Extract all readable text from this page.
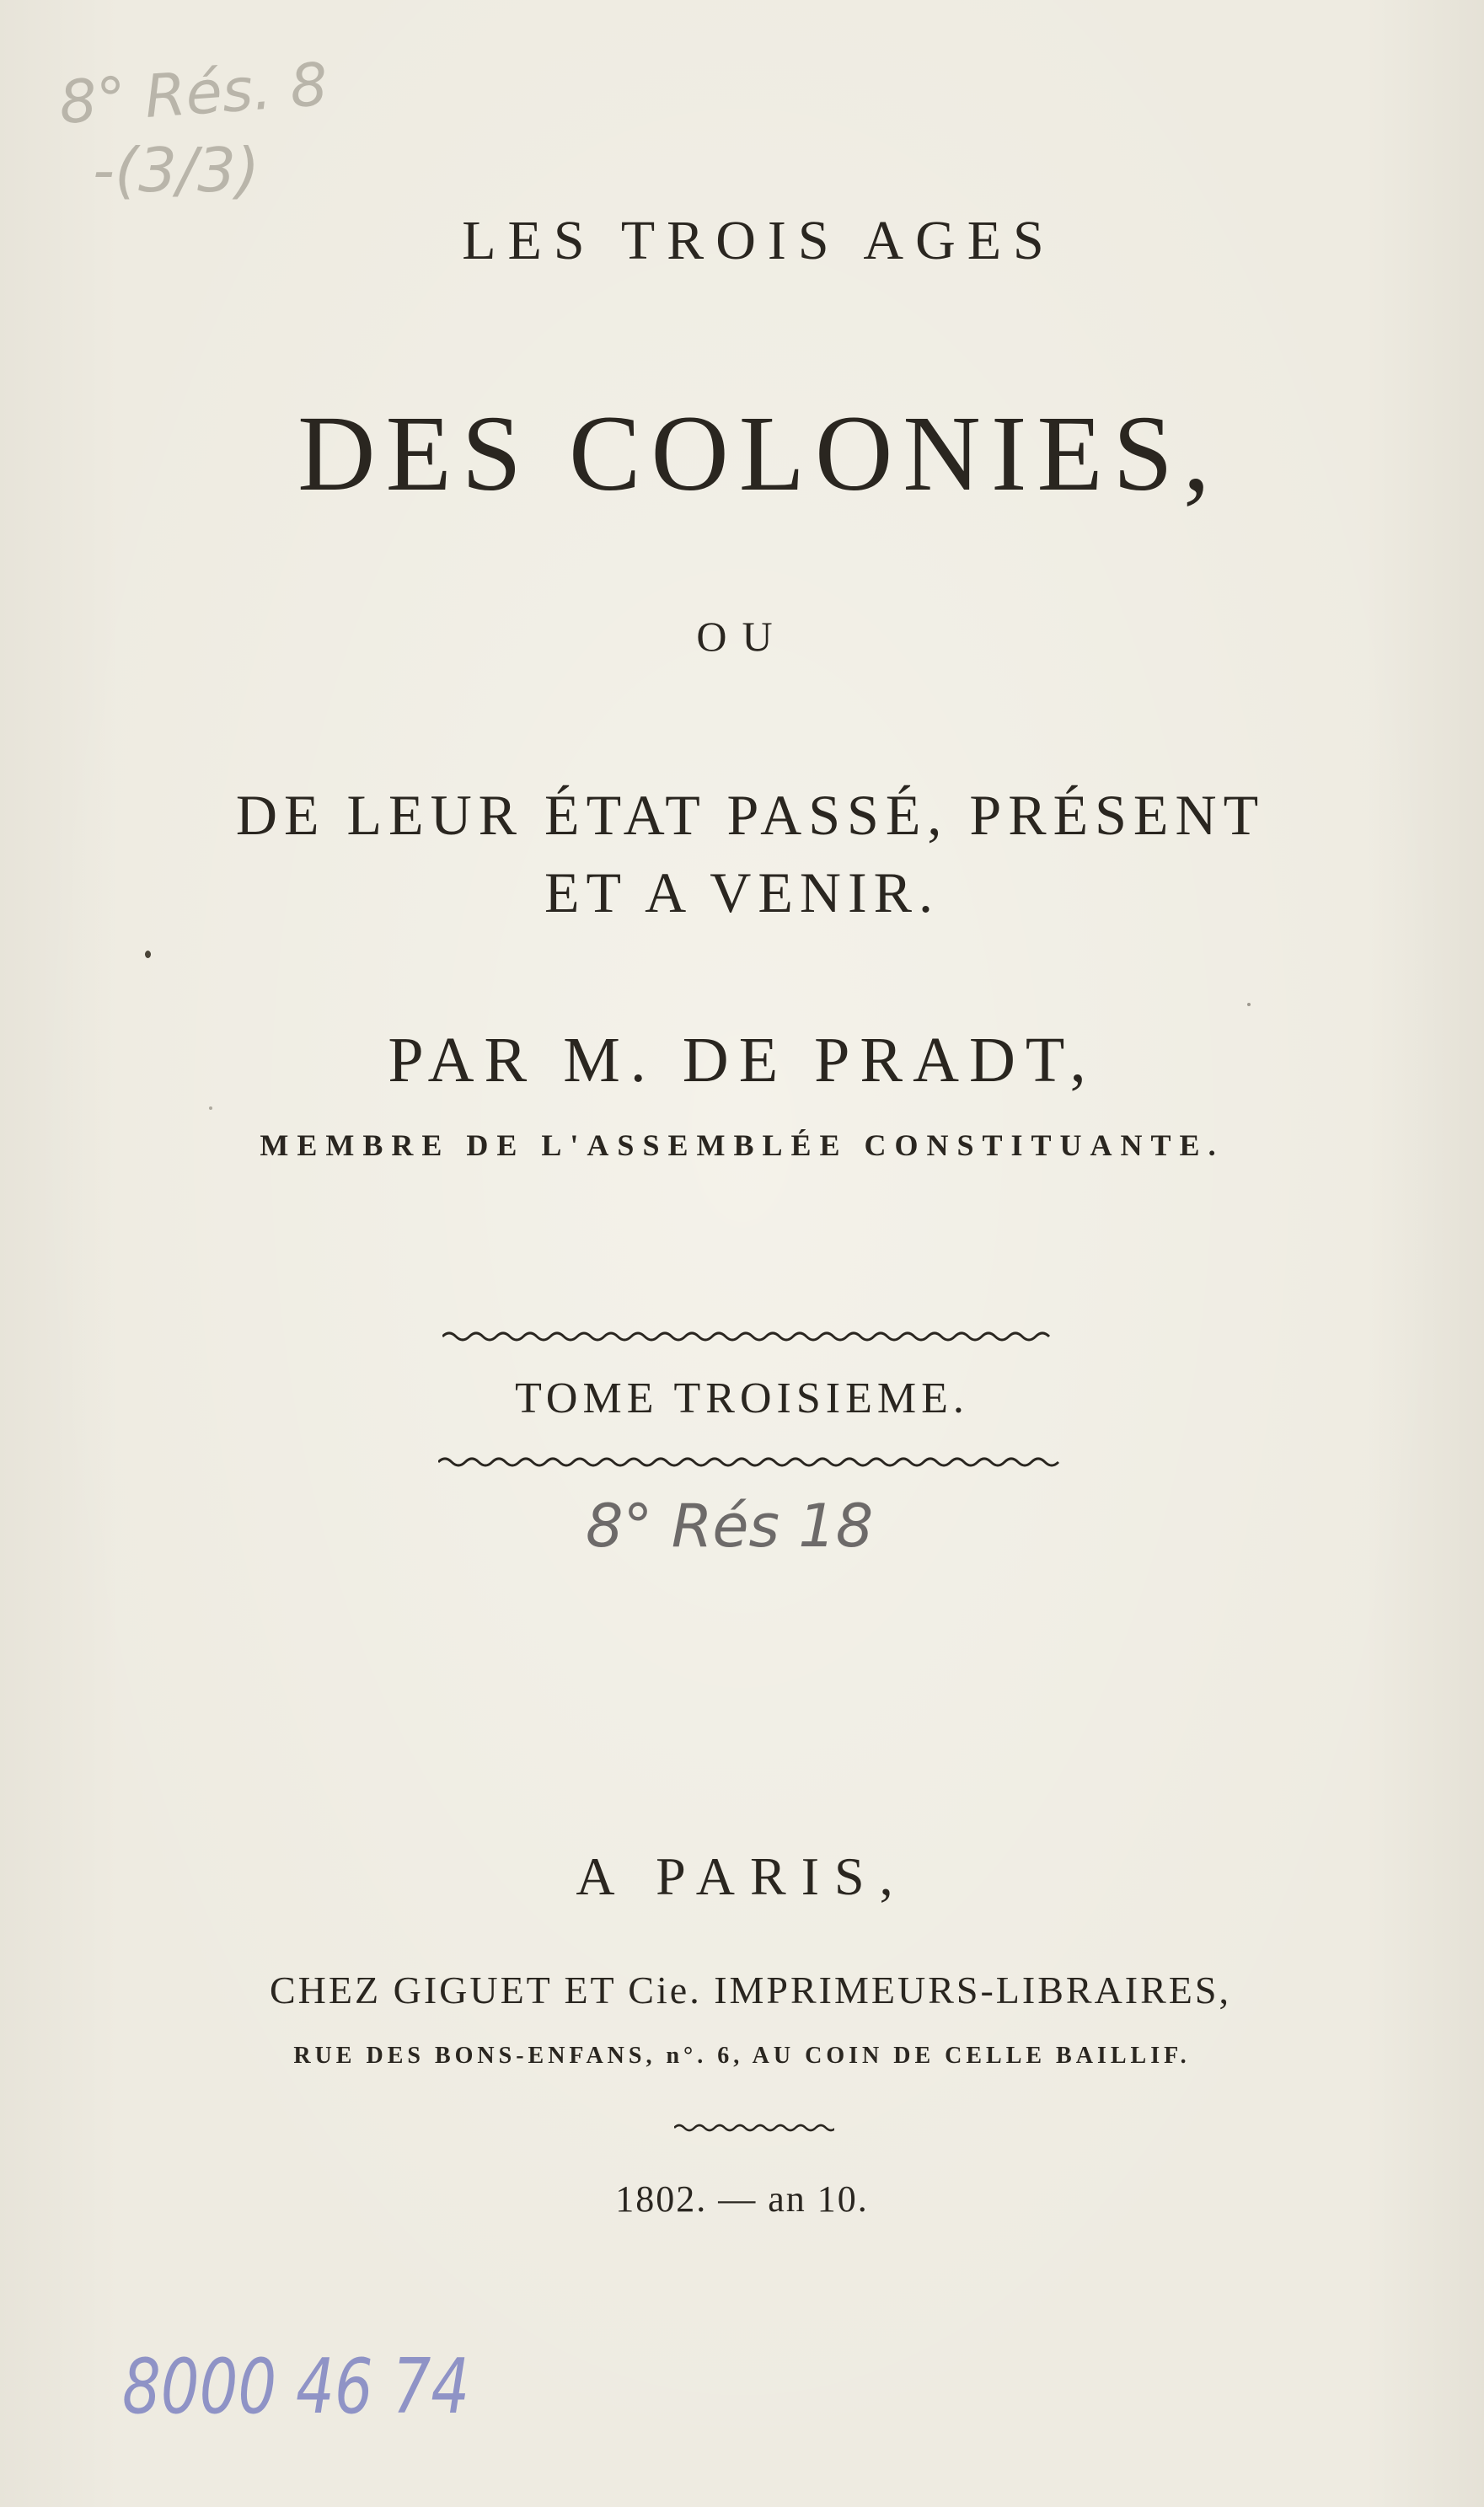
8° Rés. 8
-(3/3)
LES TROIS AGES
DES COLONIES,
OU
DE LEUR ÉTAT PASSÉ, PRÉSENT
ET A VENIR.
PAR M. DE PRADT,
MEMBRE DE L'ASSEMBLÉE CONSTITUANTE.
TOME TROISIEME.
8° Rés 18
A PARIS,
CHEZ GIGUET ET Cie. IMPRIMEURS-LIBRAIRES,
RUE DES BONS-ENFANS, n°. 6, AU COIN DE CELLE BAILLIF.
1802. — an 10.
8000 46 74
